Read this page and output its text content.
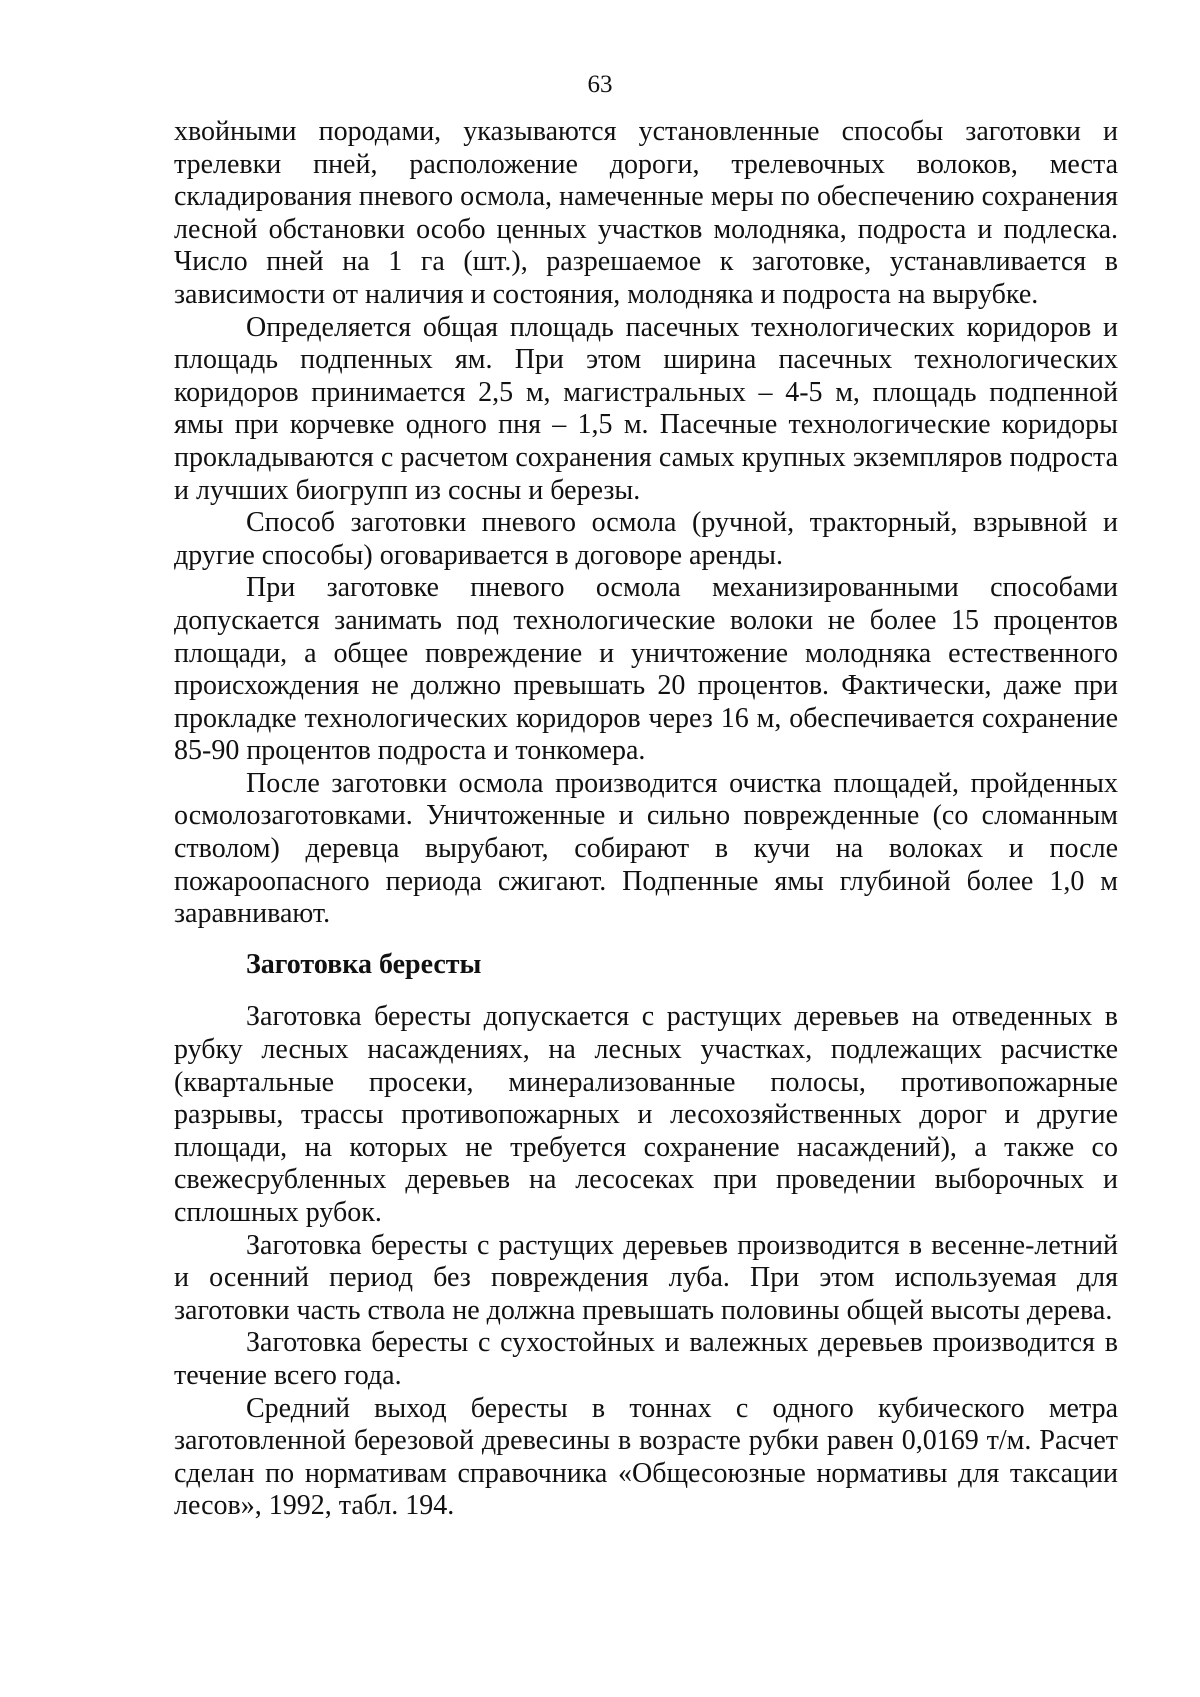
63

хвойными породами, указываются установленные способы заготовки и трелевки пней, расположение дороги, трелевочных волоков, места складирования пневого осмола, намеченные меры по обеспечению сохранения лесной обстановки особо ценных участков молодняка, подроста и подлеска. Число пней на 1 га (шт.), разрешаемое к заготовке, устанавливается в зависимости от наличия и состояния, молодняка и подроста на вырубке.

Определяется общая площадь пасечных технологических коридоров и площадь подпенных ям. При этом ширина пасечных технологических коридоров принимается 2,5 м, магистральных – 4-5 м, площадь подпенной ямы при корчевке одного пня – 1,5 м. Пасечные технологические коридоры прокладываются с расчетом сохранения самых крупных экземпляров подроста и лучших биогрупп из сосны и березы.

Способ заготовки пневого осмола (ручной, тракторный, взрывной и другие способы) оговаривается в договоре аренды.

При заготовке пневого осмола механизированными способами допускается занимать под технологические волоки не более 15 процентов площади, а общее повреждение и уничтожение молодняка естественного происхождения не должно превышать 20 процентов. Фактически, даже при прокладке технологических коридоров через 16 м, обеспечивается сохранение 85-90 процентов подроста и тонкомера.

После заготовки осмола производится очистка площадей, пройденных осмолозаготовками. Уничтоженные и сильно поврежденные (со сломанным стволом) деревца вырубают, собирают в кучи на волоках и после пожароопасного периода сжигают. Подпенные ямы глубиной более 1,0 м заравнивают.

Заготовка бересты

Заготовка бересты допускается с растущих деревьев на отведенных в рубку лесных насаждениях, на лесных участках, подлежащих расчистке (квартальные просеки, минерализованные полосы, противопожарные разрывы, трассы противопожарных и лесохозяйственных дорог и другие площади, на которых не требуется сохранение насаждений), а также со свежесрубленных деревьев на лесосеках при проведении выборочных и сплошных рубок.

Заготовка бересты с растущих деревьев производится в весенне-летний и осенний период без повреждения луба. При этом используемая для заготовки часть ствола не должна превышать половины общей высоты дерева.

Заготовка бересты с сухостойных и валежных деревьев производится в течение всего года.

Средний выход бересты в тоннах с одного кубического метра заготовленной березовой древесины в возрасте рубки равен 0,0169 т/м. Расчет сделан по нормативам справочника «Общесоюзные нормативы для таксации лесов», 1992, табл. 194.
